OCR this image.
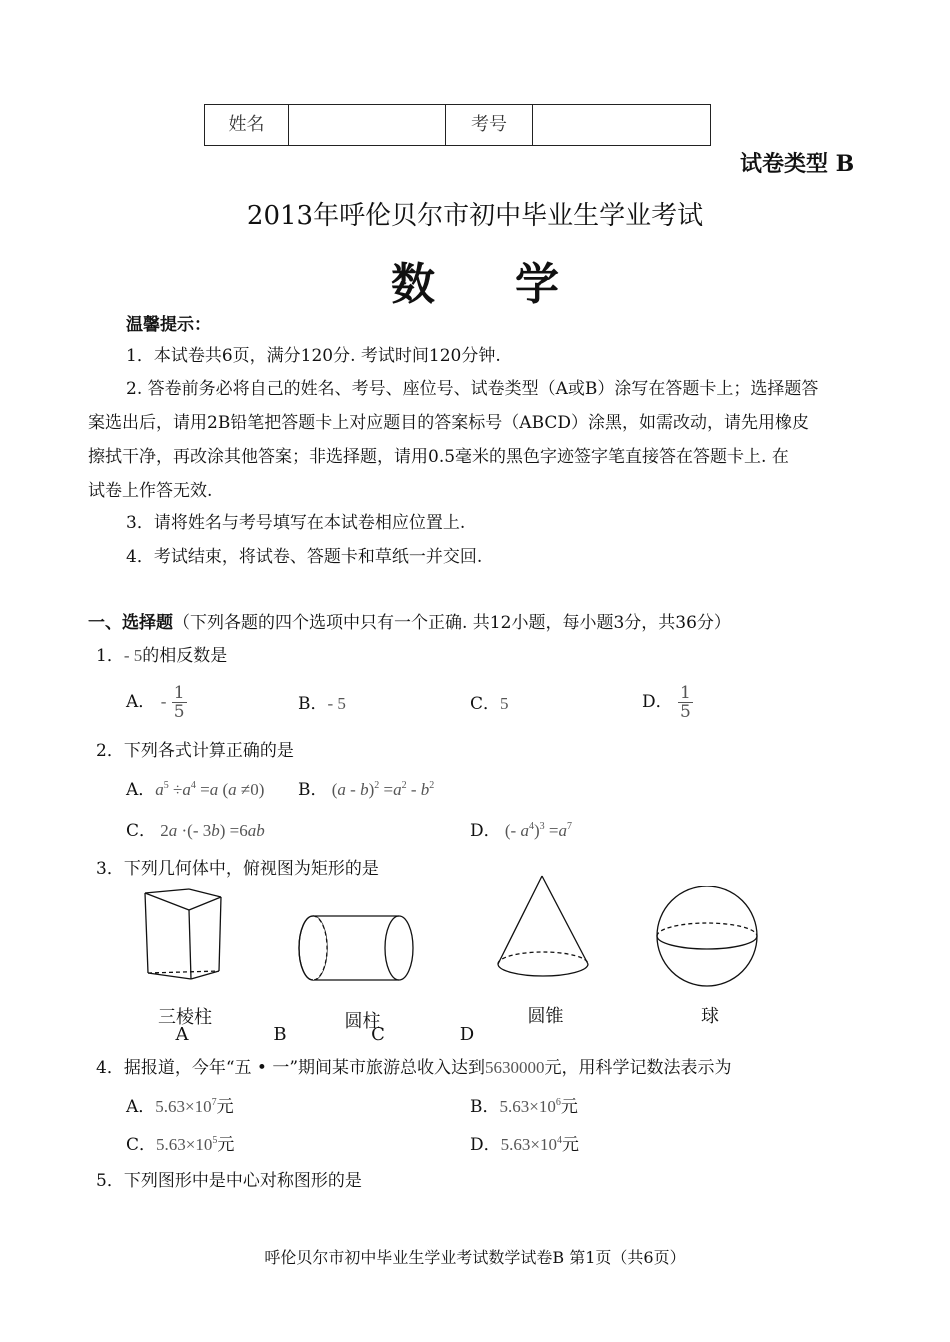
姓名	考号
试卷类型 B
2013年呼伦贝尔市初中毕业生学业考试
数学
温馨提示：
1．本试卷共6页，满分120分. 考试时间120分钟.
2. 答卷前务必将自己的姓名、考号、座位号、试卷类型（A或B）涂写在答题卡上；选择题答
案选出后，请用2B铅笔把答题卡上对应题目的答案标号（ABCD）涂黑，如需改动，请先用橡皮
擦拭干净，再改涂其他答案；非选择题，请用0.5毫米的黑色字迹签字笔直接答在答题卡上. 在
试卷上作答无效.
3．请将姓名与考号填写在本试卷相应位置上.
4．考试结束，将试卷、答题卡和草纸一并交回.
一、选择题（下列各题的四个选项中只有一个正确. 共12小题，每小题3分，共36分）
1．- 5的相反数是
A． - $\frac{1}{5}$	B．- 5	C．5	D． $\frac{1}{5}$
2．下列各式计算正确的是
A．$a^5 \div a^4 =a$ (a ≠0) B． $(a - b)^2 =a^2 - b^2$
C． 2a ·(- 3b) =6ab	D． (- $a^4)^3 =a^7$
3．下列几何体中，俯视图为矩形的是
三棱柱	圆柱	圆锥	球
A	B	C	D
4．据报道，今年“五 • 一”期间某市旅游总收入达到5630000元，用科学记数法表示为
A．$5.63\times 10^7$元	B．$5.63\times 10^6$元
C．$5.63\times 10^5$元	D．$5.63\times 10^4$元
5．下列图形中是中心对称图形的是
呼伦贝尔市初中毕业生学业考试数学试卷B 第1页（共6页）
